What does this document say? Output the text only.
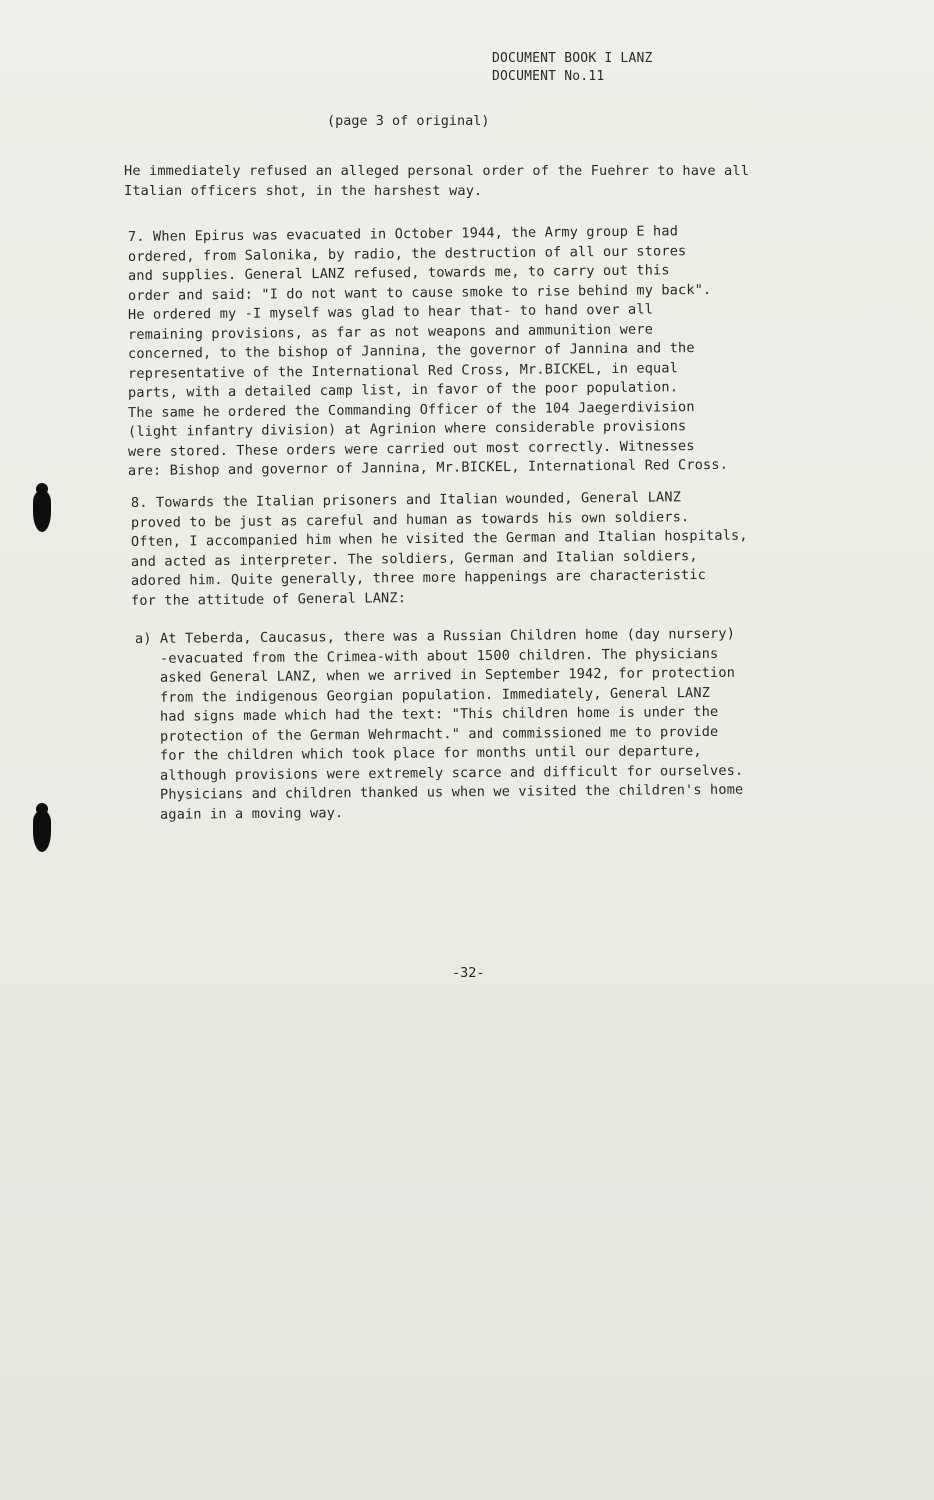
DOCUMENT BOOK I LANZ
DOCUMENT No.11
(page 3 of original)
He immediately refused an alleged personal order of the Fuehrer to have all
Italian officers shot, in the harshest way.
7. When Epirus was evacuated in October 1944, the Army group E had
ordered, from Salonika, by radio, the destruction of all our stores
and supplies. General LANZ refused, towards me, to carry out this
order and said: "I do not want to cause smoke to rise behind my back".
He ordered my -I myself was glad to hear that- to hand over all
remaining provisions, as far as not weapons and ammunition were
concerned, to the bishop of Jannina, the governor of Jannina and the
representative of the International Red Cross, Mr.BICKEL, in equal
parts, with a detailed camp list, in favor of the poor population.
The same he ordered the Commanding Officer of the 104 Jaegerdivision
(light infantry division) at Agrinion where considerable provisions
were stored. These orders were carried out most correctly. Witnesses
are: Bishop and governor of Jannina, Mr.BICKEL, International Red Cross.
8. Towards the Italian prisoners and Italian wounded, General LANZ
proved to be just as careful and human as towards his own soldiers.
Often, I accompanied him when he visited the German and Italian hospitals,
and acted as interpreter. The soldiers, German and Italian soldiers,
adored him. Quite generally, three more happenings are characteristic
for the attitude of General LANZ:
a) At Teberda, Caucasus, there was a Russian Children home (day nursery)
-evacuated from the Crimea-with about 1500 children. The physicians
asked General LANZ, when we arrived in September 1942, for protection
from the indigenous Georgian population. Immediately, General LANZ
had signs made which had the text: "This children home is under the
protection of the German Wehrmacht." and commissioned me to provide
for the children which took place for months until our departure,
although provisions were extremely scarce and difficult for ourselves.
Physicians and children thanked us when we visited the children's home
again in a moving way.
-32-
